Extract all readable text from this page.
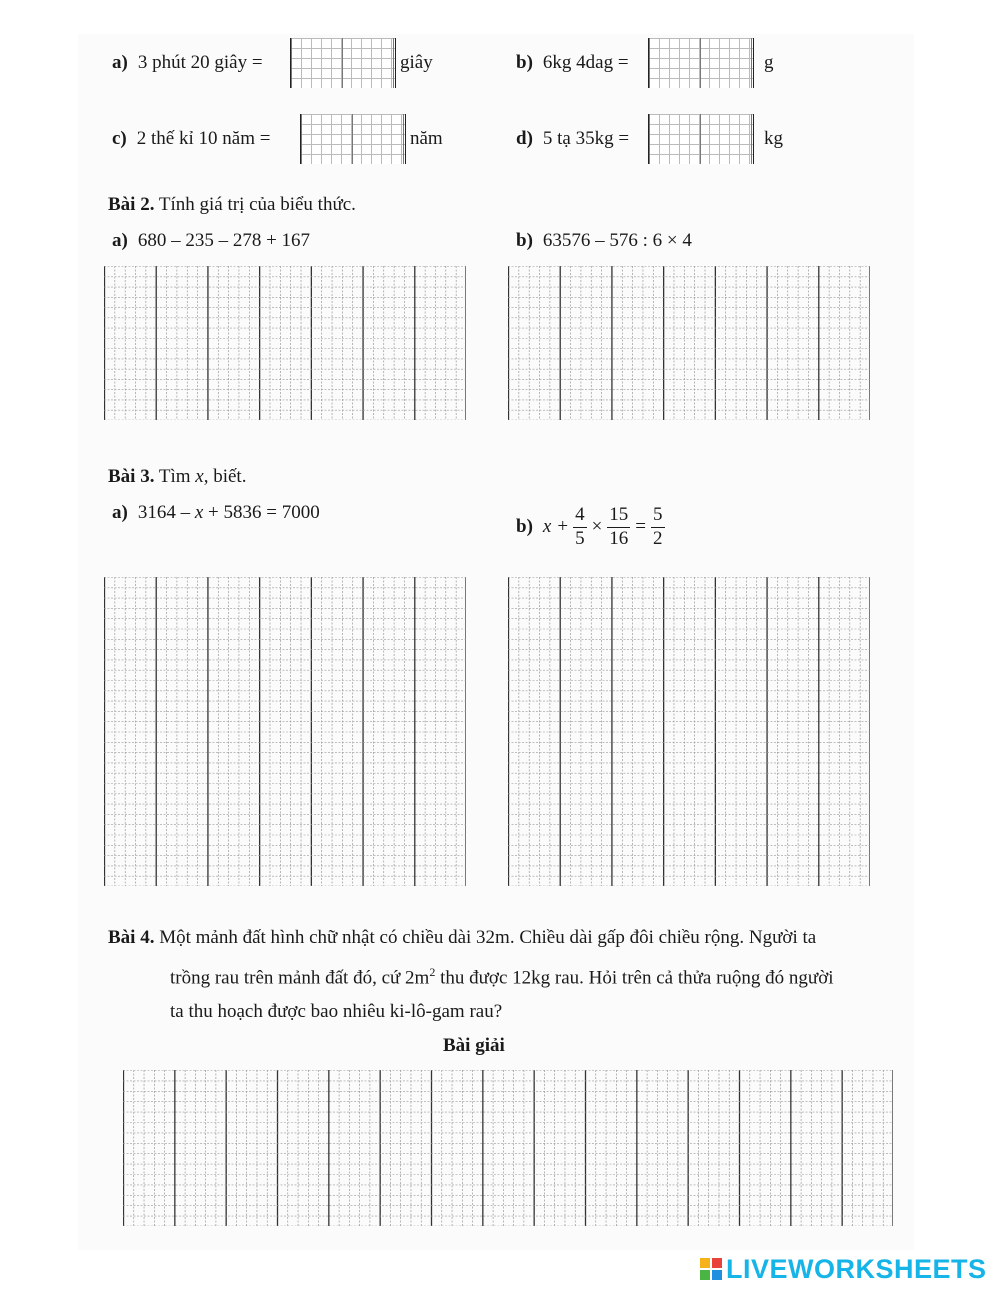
a) 3 phút 20 giây =	giây	b) 6kg 4dag =	g
c) 2 thế kỉ 10 năm =	năm	d) 5 tạ 35kg =	kg
Bài 2. Tính giá trị của biểu thức.
a) 680 – 235 – 278 + 167	b) 63576 – 576 : 6 × 4
Bài 3. Tìm x, biết.
a) 3164 – x + 5836 = 7000
b) $x + \frac{4}{5} \times \frac{15}{16} = \frac{5}{2}$
Bài 4. Một mảnh đất hình chữ nhật có chiều dài 32m. Chiều dài gấp đôi chiều rộng. Người ta
trồng rau trên mảnh đất đó, cứ $2m^2$ thu được 12kg rau. Hỏi trên cả thửa ruộng đó người
ta thu hoạch được bao nhiêu ki-lô-gam rau?
Bài giải
LIVEWORKSHEETS
